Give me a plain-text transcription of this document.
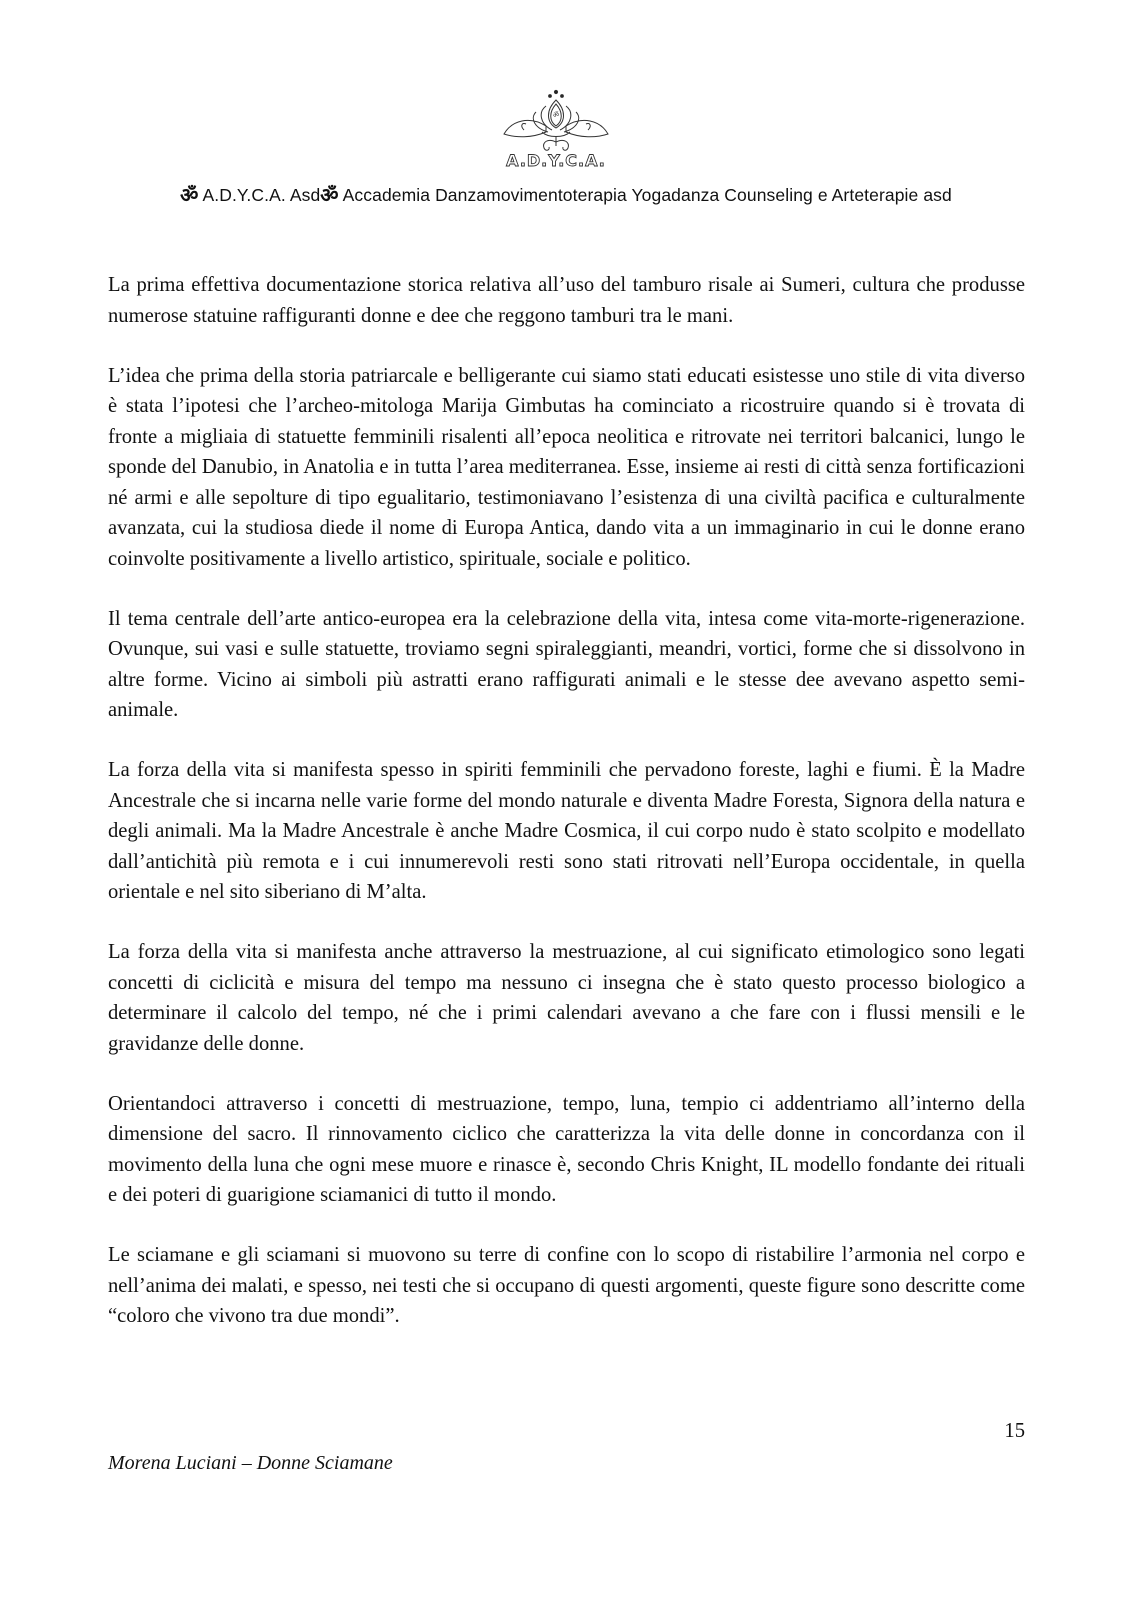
ॐ
A.D.Y.C.A.
ॐ A.D.Y.C.A. Asdॐ Accademia Danzamovimentoterapia Yogadanza Counseling e Arteterapie asd

La prima effettiva documentazione storica relativa all’uso del tamburo risale ai Sumeri, cultura che produsse numerose statuine raffiguranti donne e dee che reggono tamburi tra le mani.

L’idea che prima della storia patriarcale e belligerante cui siamo stati educati esistesse uno stile di vita diverso è stata l’ipotesi che l’archeo-mitologa Marija Gimbutas ha cominciato a ricostruire quando si è trovata di fronte a migliaia di statuette femminili risalenti all’epoca neolitica e ritrovate nei territori balcanici, lungo le sponde del Danubio, in Anatolia e in tutta l’area mediterranea. Esse, insieme ai resti di città senza fortificazioni né armi e alle sepolture di tipo egualitario, testimoniavano l’esistenza di una civiltà pacifica e culturalmente avanzata, cui la studiosa diede il nome di Europa Antica, dando vita a un immaginario in cui le donne erano coinvolte positivamente a livello artistico, spirituale, sociale e politico.

Il tema centrale dell’arte antico-europea era la celebrazione della vita, intesa come vita-morte-rigenerazione. Ovunque, sui vasi e sulle statuette, troviamo segni spiraleggianti, meandri, vortici, forme che si dissolvono in altre forme. Vicino ai simboli più astratti erano raffigurati animali e le stesse dee avevano aspetto semi-animale.

La forza della vita si manifesta spesso in spiriti femminili che pervadono foreste, laghi e fiumi. È la Madre Ancestrale che si incarna nelle varie forme del mondo naturale e diventa Madre Foresta, Signora della natura e degli animali. Ma la Madre Ancestrale è anche Madre Cosmica, il cui corpo nudo è stato scolpito e modellato dall’antichità più remota e i cui innumerevoli resti sono stati ritrovati nell’Europa occidentale, in quella orientale e nel sito siberiano di M’alta.

La forza della vita si manifesta anche attraverso la mestruazione, al cui significato etimologico sono legati concetti di ciclicità e misura del tempo ma nessuno ci insegna che è stato questo processo biologico a determinare il calcolo del tempo, né che i primi calendari avevano a che fare con i flussi mensili e le gravidanze delle donne.

Orientandoci attraverso i concetti di mestruazione, tempo, luna, tempio ci addentriamo all’interno della dimensione del sacro. Il rinnovamento ciclico che caratterizza la vita delle donne in concordanza con il movimento della luna che ogni mese muore e rinasce è, secondo Chris Knight, IL modello fondante dei rituali e dei poteri di guarigione sciamanici di tutto il mondo.

Le sciamane e gli sciamani si muovono su terre di confine con lo scopo di ristabilire l’armonia nel corpo e nell’anima dei malati, e spesso, nei testi che si occupano di questi argomenti, queste figure sono descritte come “coloro che vivono tra due mondi”.

15
Morena Luciani – Donne Sciamane
